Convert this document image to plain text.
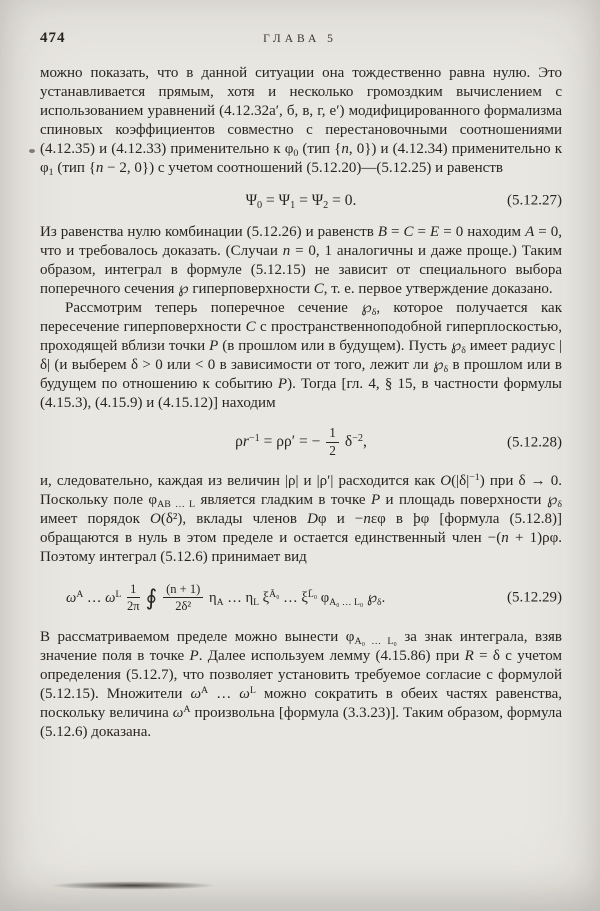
474	ГЛАВА 5

можно показать, что в данной ситуации она тождественно равна нулю. Это устанавливается прямым, хотя и несколько громоздким вычислением с использованием уравнений (4.12.32а′, б, в, г, е′) модифицированного формализма спиновых коэффициентов совместно с перестановочными соотношениями (4.12.35) и (4.12.33) применительно к $\varphi_0$ (тип {n, 0}) и (4.12.34) применительно к $\varphi_1$ (тип {n − 2, 0}) с учетом соотношений (5.12.20)—(5.12.25) и равенств

$\Psi_0 = \Psi_1 = \Psi_2 = 0$.	(5.12.27)

Из равенства нулю комбинации (5.12.26) и равенств B = C = E = 0 находим A = 0, что и требовалось доказать. (Случаи n = 0, 1 аналогичны и даже проще.) Таким образом, интеграл в формуле (5.12.15) не зависит от специального выбора поперечного сечения ℘ гиперповерхности C, т. е. первое утверждение доказано.

Рассмотрим теперь поперечное сечение $℘_\delta$, которое получается как пересечение гиперповерхности C с пространственноподобной гиперплоскостью, проходящей вблизи точки P (в прошлом или в будущем). Пусть $℘_\delta$ имеет радиус |δ| (и выберем δ > 0 или < 0 в зависимости от того, лежит ли $℘_\delta$ в прошлом или в будущем по отношению к событию P). Тогда [гл. 4, § 15, в частности формулы (4.15.3), (4.15.9) и (4.15.12)] находим

$\rho r^{-1} = \rho\rho'$ = − $\frac{1}{2} \delta^{-2}$,	(5.12.28)

и, следовательно, каждая из величин |ρ| и |ρ′| расходится как $O(|\delta|^{-1})$ при δ → 0. Поскольку поле $\varphi_{AB \dots L}$ является гладким в точке P и площадь поверхности $℘_\delta$ имеет порядок O(δ²), вклады членов Dφ и −nεφ в þφ [формула (5.12.8)] обращаются в нуль в этом пределе и остается единственный член −(n + 1)ρφ. Поэтому интеграл (5.12.6) принимает вид

$\omega^A$ … $\omega^L \frac{1}{2\pi}$ ∮ $\frac{(n + 1)}{\text{2δ²}} \eta_A$ … $\eta_L$ $\xi^{Ā_0}$ … $\xi^{L̄_0}$ $\varphi_{A_0 \dots L_0}$ $℘_\delta$.	(5.12.29)

В рассматриваемом пределе можно вынести $\varphi_{A_0 \dots L_0}$ за знак интеграла, взяв значение поля в точке P. Далее используем лемму (4.15.86) при R = δ с учетом определения (5.12.7), что позволяет установить требуемое согласие с формулой (5.12.15). Множители $\omega^A$ … $\omega^L$ можно сократить в обеих частях равенства, поскольку величина $\omega^A$ произвольна [формула (3.3.23)]. Таким образом, формула (5.12.6) доказана.
